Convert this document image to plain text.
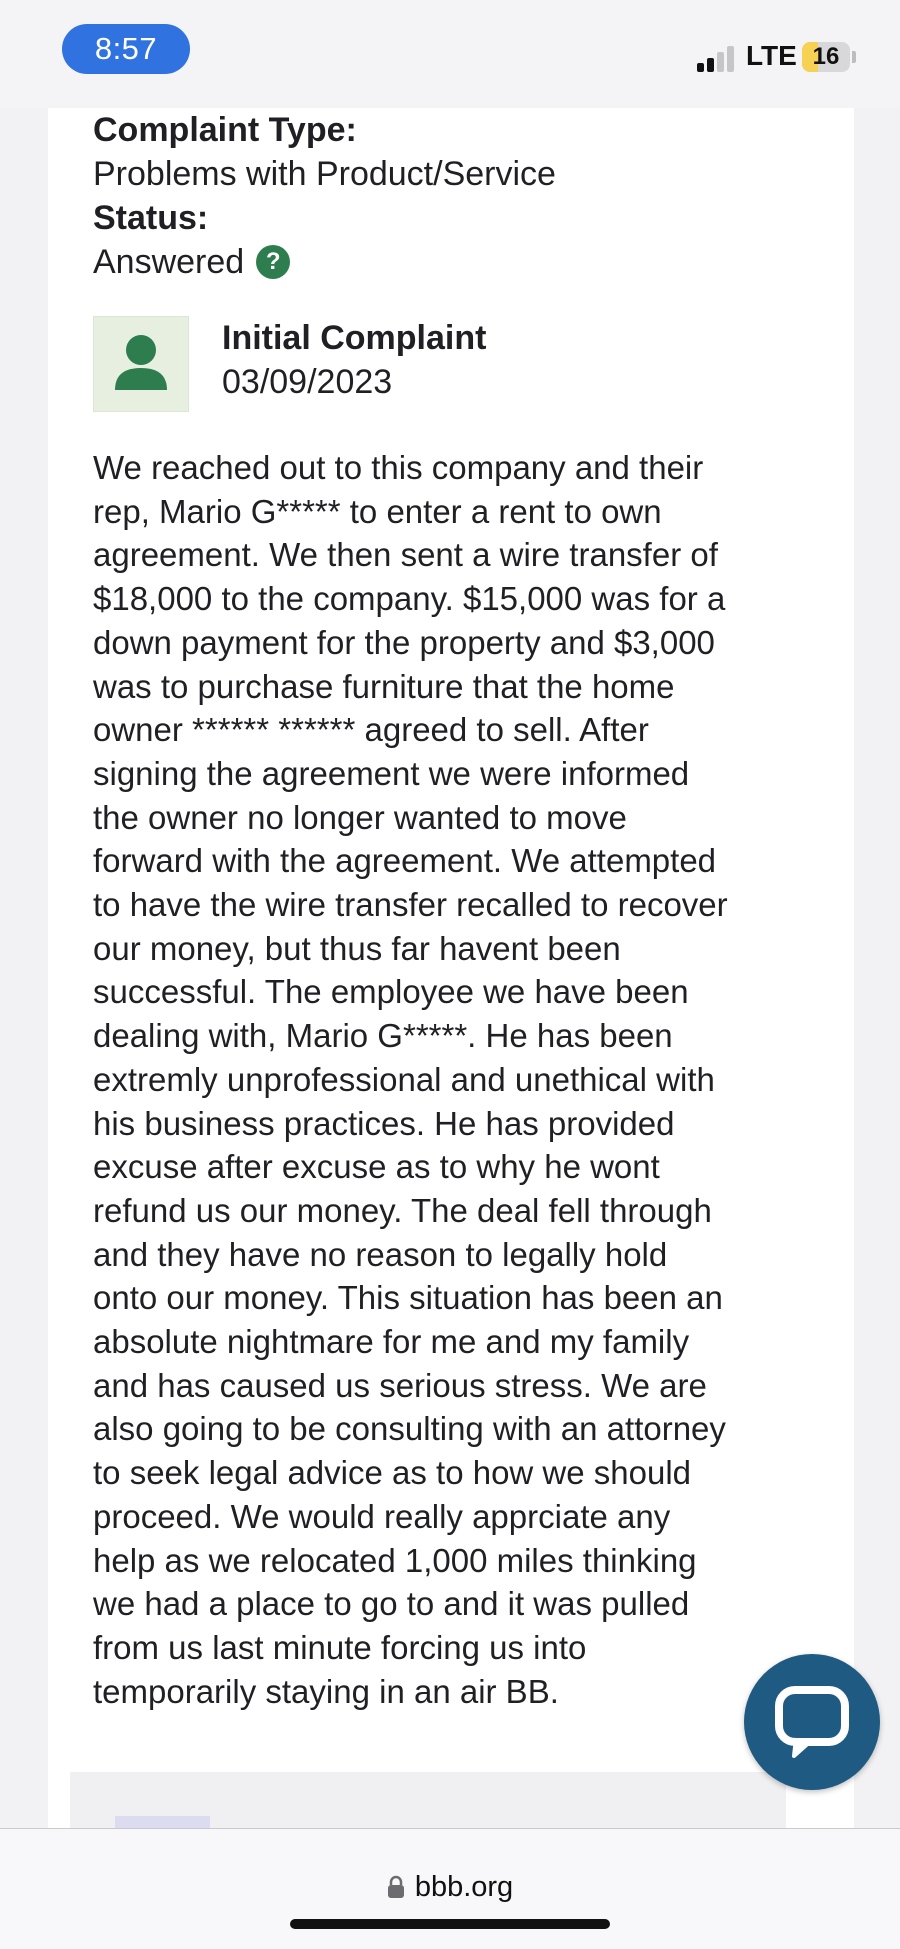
8:57	LTE 16
Complaint Type:
Problems with Product/Service
Status:
Answered ?
Initial Complaint
03/09/2023
We reached out to this company and their
rep, Mario G***** to enter a rent to own
agreement. We then sent a wire transfer of
$18,000 to the company. $15,000 was for a
down payment for the property and $3,000
was to purchase furniture that the home
owner ****** ****** agreed to sell. After
signing the agreement we were informed
the owner no longer wanted to move
forward with the agreement. We attempted
to have the wire transfer recalled to recover
our money, but thus far havent been
successful. The employee we have been
dealing with, Mario G*****. He has been
extremly unprofessional and unethical with
his business practices. He has provided
excuse after excuse as to why he wont
refund us our money. The deal fell through
and they have no reason to legally hold
onto our money. This situation has been an
absolute nightmare for me and my family
and has caused us serious stress. We are
also going to be consulting with an attorney
to seek legal advice as to how we should
proceed. We would really apprciate any
help as we relocated 1,000 miles thinking
we had a place to go to and it was pulled
from us last minute forcing us into
temporarily staying in an air BB.
bbb.org
